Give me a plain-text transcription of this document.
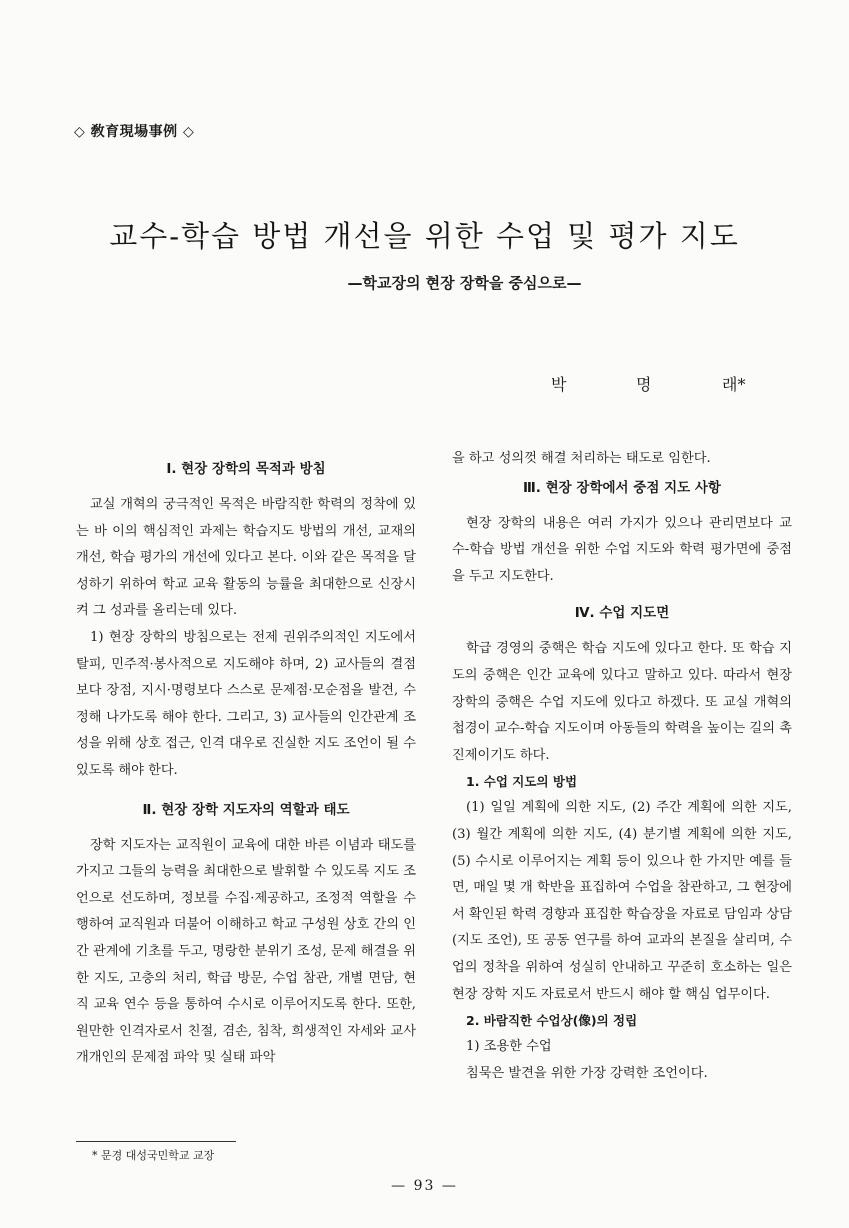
◇ 敎育現場事例 ◇
교수-학습 방법 개선을 위한 수업 및 평가 지도
—학교장의 현장 장학을 중심으로—
박	명	래*
Ⅰ. 현장 장학의 목적과 방침

교실 개혁의 궁극적인 목적은 바람직한 학력의 정착에 있는 바 이의 핵심적인 과제는 학습지도 방법의 개선, 교재의 개선, 학습 평가의 개선에 있다고 본다. 이와 같은 목적을 달성하기 위하여 학교 교육 활동의 능률을 최대한으로 신장시켜 그 성과를 올리는데 있다.

1) 현장 장학의 방침으로는 전제 권위주의적인 지도에서 탈피, 민주적·봉사적으로 지도해야 하며, 2) 교사들의 결점보다 장점, 지시·명령보다 스스로 문제점·모순점을 발견, 수정해 나가도록 해야 한다. 그리고, 3) 교사들의 인간관계 조성을 위해 상호 접근, 인격 대우로 진실한 지도 조언이 될 수 있도록 해야 한다.

Ⅱ. 현장 장학 지도자의 역할과 태도

장학 지도자는 교직원이 교육에 대한 바른 이념과 태도를 가지고 그들의 능력을 최대한으로 발휘할 수 있도록 지도 조언으로 선도하며, 정보를 수집·제공하고, 조정적 역할을 수행하여 교직원과 더불어 이해하고 학교 구성원 상호 간의 인간 관계에 기초를 두고, 명랑한 분위기 조성, 문제 해결을 위한 지도, 고충의 처리, 학급 방문, 수업 참관, 개별 면담, 현직 교육 연수 등을 통하여 수시로 이루어지도록 한다. 또한, 원만한 인격자로서 친절, 겸손, 침착, 희생적인 자세와 교사 개개인의 문제점 파악 및 실태 파악

을 하고 성의껏 해결 처리하는 태도로 임한다.

Ⅲ. 현장 장학에서 중점 지도 사항

현장 장학의 내용은 여러 가지가 있으나 관리면보다 교수-학습 방법 개선을 위한 수업 지도와 학력 평가면에 중점을 두고 지도한다.

Ⅳ. 수업 지도면

학급 경영의 중핵은 학습 지도에 있다고 한다. 또 학습 지도의 중핵은 인간 교육에 있다고 말하고 있다. 따라서 현장 장학의 중핵은 수업 지도에 있다고 하겠다. 또 교실 개혁의 첩경이 교수-학습 지도이며 아동들의 학력을 높이는 길의 촉진제이기도 하다.

1. 수업 지도의 방법

(1) 일일 계획에 의한 지도, (2) 주간 계획에 의한 지도, (3) 월간 계획에 의한 지도, (4) 분기별 계획에 의한 지도, (5) 수시로 이루어지는 계획 등이 있으나 한 가지만 예를 들면, 매일 몇 개 학반을 표집하여 수업을 참관하고, 그 현장에서 확인된 학력 경향과 표집한 학습장을 자료로 담임과 상담(지도 조언), 또 공동 연구를 하여 교과의 본질을 살리며, 수업의 정착을 위하여 성실히 안내하고 꾸준히 호소하는 일은 현장 장학 지도 자료로서 반드시 해야 할 핵심 업무이다.

2. 바람직한 수업상(像)의 정립

1) 조용한 수업

침묵은 발견을 위한 가장 강력한 조언이다.

* 문경 대성국민학교 교장
— 93 —
